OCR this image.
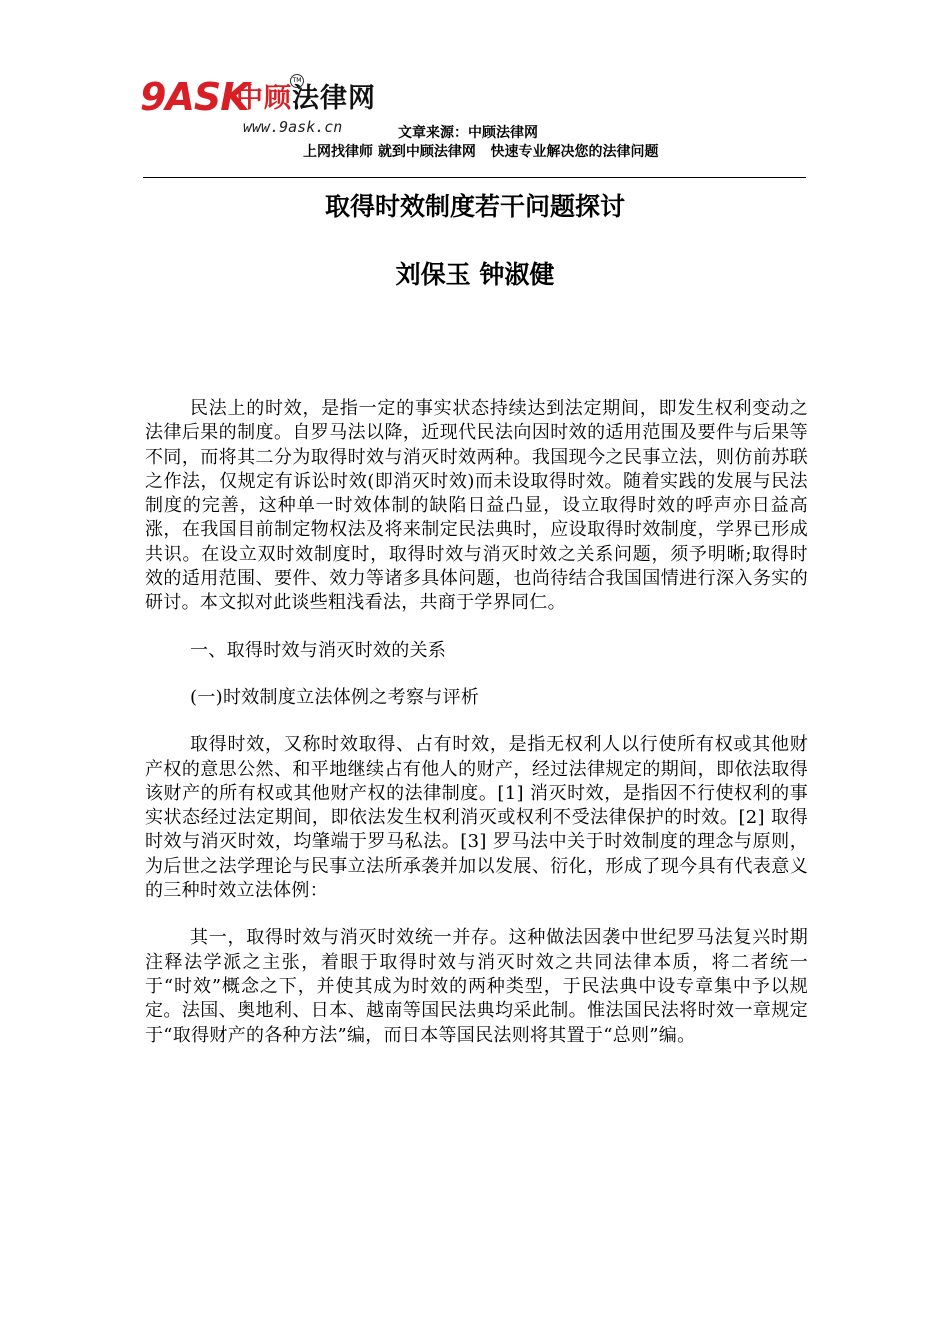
9ASK
中顾法律网
TM
www.9ask.cn	文章来源：中顾法律网
上网找律师 就到中顾法律网   快速专业解决您的法律问题
取得时效制度若干问题探讨
刘保玉 钟淑健

民法上的时效，是指一定的事实状态持续达到法定期间，即发生权利变动之法律后果的制度。自罗马法以降，近现代民法向因时效的适用范围及要件与后果等不同，而将其二分为取得时效与消灭时效两种。我国现今之民事立法，则仿前苏联之作法，仅规定有诉讼时效(即消灭时效)而未设取得时效。随着实践的发展与民法制度的完善，这种单一时效体制的缺陷日益凸显，设立取得时效的呼声亦日益高涨，在我国目前制定物权法及将来制定民法典时，应设取得时效制度，学界已形成共识。在设立双时效制度时，取得时效与消灭时效之关系问题，须予明晰;取得时效的适用范围、要件、效力等诸多具体问题，也尚待结合我国国情进行深入务实的研讨。本文拟对此谈些粗浅看法，共商于学界同仁。

一、取得时效与消灭时效的关系

(一)时效制度立法体例之考察与评析

取得时效，又称时效取得、占有时效，是指无权利人以行使所有权或其他财产权的意思公然、和平地继续占有他人的财产，经过法律规定的期间，即依法取得该财产的所有权或其他财产权的法律制度。[1] 消灭时效，是指因不行使权利的事实状态经过法定期间，即依法发生权利消灭或权利不受法律保护的时效。[2] 取得时效与消灭时效，均肇端于罗马私法。[3] 罗马法中关于时效制度的理念与原则，为后世之法学理论与民事立法所承袭并加以发展、衍化，形成了现今具有代表意义的三种时效立法体例：

其一，取得时效与消灭时效统一并存。这种做法因袭中世纪罗马法复兴时期注释法学派之主张，着眼于取得时效与消灭时效之共同法律本质，将二者统一于“时效”概念之下，并使其成为时效的两种类型，于民法典中设专章集中予以规定。法国、奥地利、日本、越南等国民法典均采此制。惟法国民法将时效一章规定于“取得财产的各种方法”编，而日本等国民法则将其置于“总则”编。
